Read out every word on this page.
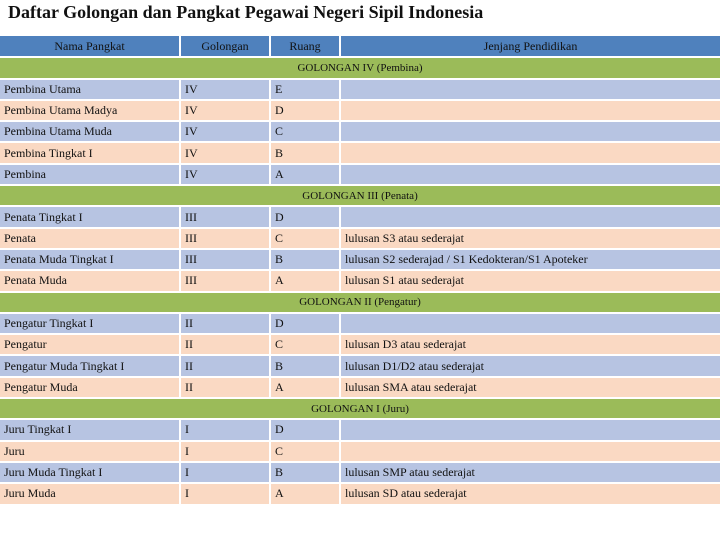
Daftar Golongan dan Pangkat Pegawai Negeri Sipil Indonesia
Nama Pangkat	Golongan	Ruang	Jenjang Pendidikan
GOLONGAN IV (Pembina)			
Pembina Utama	IV	E	
Pembina Utama Madya	IV	D	
Pembina Utama Muda	IV	C	
Pembina Tingkat I	IV	B	
Pembina	IV	A	
GOLONGAN III (Penata)			
Penata Tingkat I	III	D	
Penata	III	C	lulusan S3 atau sederajat
Penata Muda Tingkat I	III	B	lulusan S2 sederajad / S1 Kedokteran/S1 Apoteker
Penata Muda	III	A	lulusan S1 atau sederajat
GOLONGAN II (Pengatur)			
Pengatur Tingkat I	II	D	
Pengatur	II	C	lulusan D3 atau sederajat
Pengatur Muda Tingkat I	II	B	lulusan D1/D2 atau sederajat
Pengatur Muda	II	A	lulusan SMA atau sederajat
GOLONGAN I (Juru)			
Juru Tingkat I	I	D	
Juru	I	C	
Juru Muda Tingkat I	I	B	lulusan SMP atau sederajat
Juru Muda	I	A	lulusan SD atau sederajat
